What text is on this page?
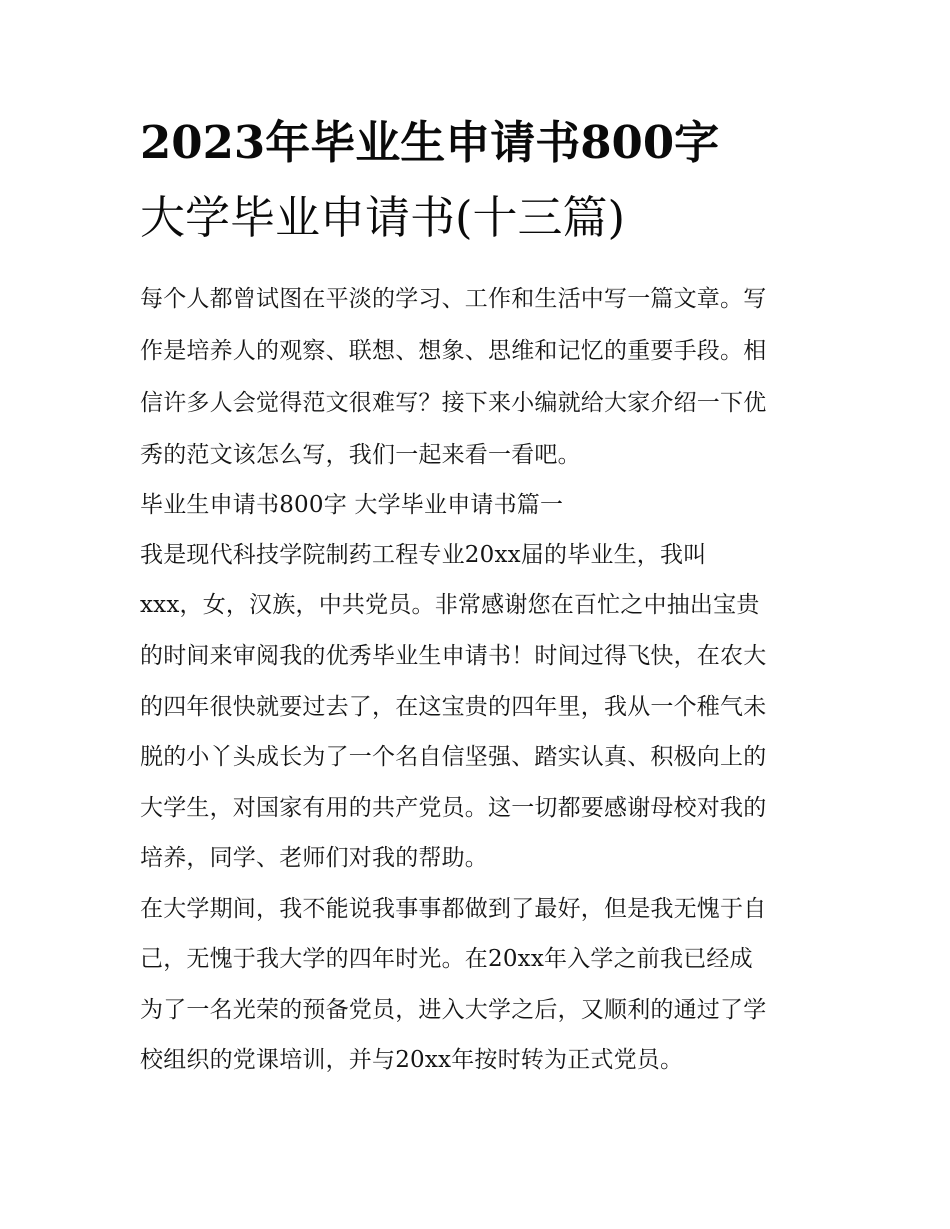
2023年毕业生申请书800字
大学毕业申请书(十三篇)

每个人都曾试图在平淡的学习、工作和生活中写一篇文章。写

作是培养人的观察、联想、想象、思维和记忆的重要手段。相

信许多人会觉得范文很难写？接下来小编就给大家介绍一下优

秀的范文该怎么写，我们一起来看一看吧。

毕业生申请书800字 大学毕业申请书篇一

我是现代科技学院制药工程专业20xx届的毕业生，我叫

xxx，女，汉族，中共党员。非常感谢您在百忙之中抽出宝贵

的时间来审阅我的优秀毕业生申请书！时间过得飞快，在农大

的四年很快就要过去了，在这宝贵的四年里，我从一个稚气未

脱的小丫头成长为了一个名自信坚强、踏实认真、积极向上的

大学生，对国家有用的共产党员。这一切都要感谢母校对我的

培养，同学、老师们对我的帮助。

在大学期间，我不能说我事事都做到了最好，但是我无愧于自

己，无愧于我大学的四年时光。在20xx年入学之前我已经成

为了一名光荣的预备党员，进入大学之后，又顺利的通过了学

校组织的党课培训，并与20xx年按时转为正式党员。
